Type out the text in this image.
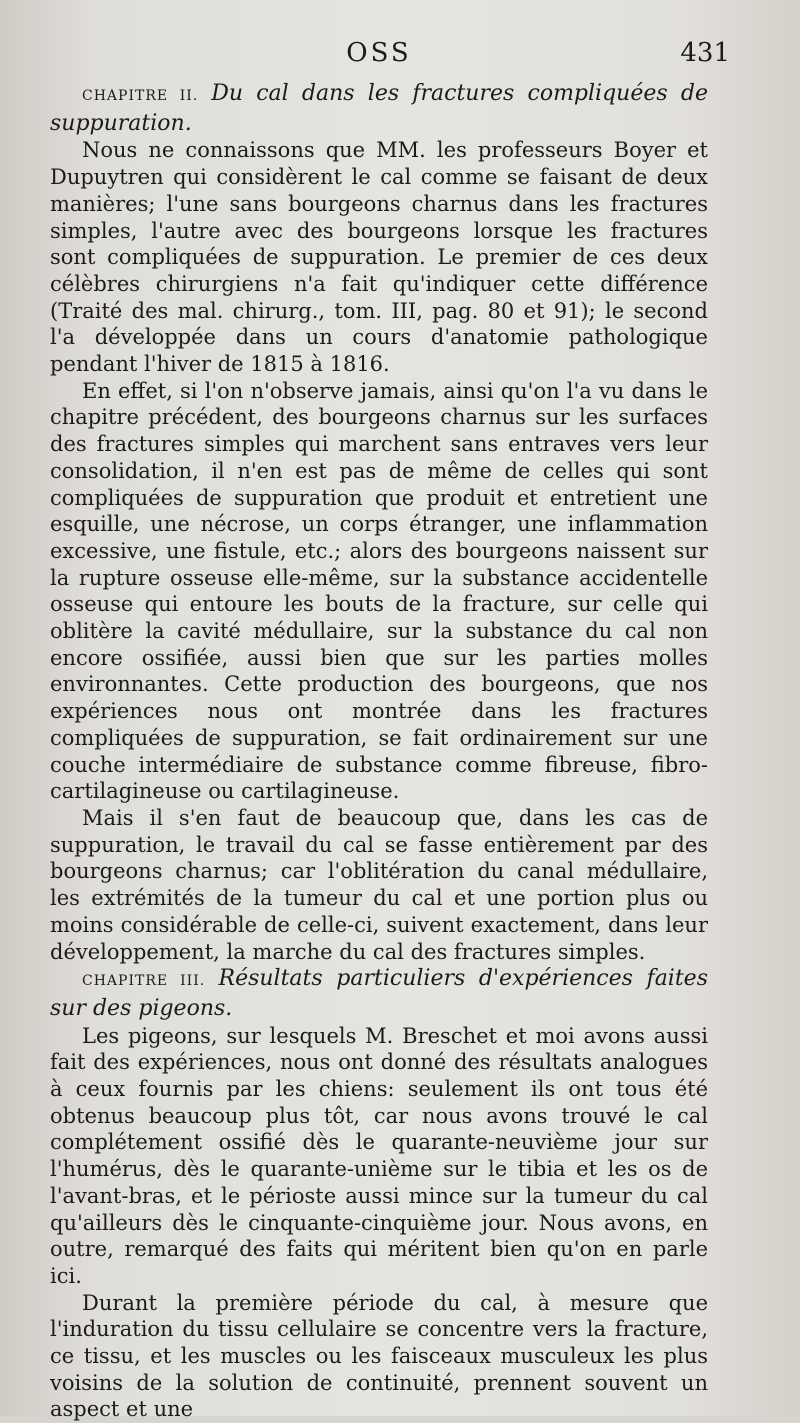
OSS	431

CHAPITRE II. Du cal dans les fractures compliquées de suppuration.

Nous ne connaissons que MM. les professeurs Boyer et Dupuytren qui considèrent le cal comme se faisant de deux manières; l'une sans bourgeons charnus dans les fractures simples, l'autre avec des bourgeons lorsque les fractures sont compliquées de suppuration. Le premier de ces deux célèbres chirurgiens n'a fait qu'indiquer cette différence (Traité des mal. chirurg., tom. III, pag. 80 et 91); le second l'a développée dans un cours d'anatomie pathologique pendant l'hiver de 1815 à 1816.

En effet, si l'on n'observe jamais, ainsi qu'on l'a vu dans le chapitre précédent, des bourgeons charnus sur les surfaces des fractures simples qui marchent sans entraves vers leur consolidation, il n'en est pas de même de celles qui sont compliquées de suppuration que produit et entretient une esquille, une nécrose, un corps étranger, une inflammation excessive, une fistule, etc.; alors des bourgeons naissent sur la rupture osseuse elle-même, sur la substance accidentelle osseuse qui entoure les bouts de la fracture, sur celle qui oblitère la cavité médullaire, sur la substance du cal non encore ossifiée, aussi bien que sur les parties molles environnantes. Cette production des bourgeons, que nos expériences nous ont montrée dans les fractures compliquées de suppuration, se fait ordinairement sur une couche intermédiaire de substance comme fibreuse, fibro-cartilagineuse ou cartilagineuse.

Mais il s'en faut de beaucoup que, dans les cas de suppuration, le travail du cal se fasse entièrement par des bourgeons charnus; car l'oblitération du canal médullaire, les extrémités de la tumeur du cal et une portion plus ou moins considérable de celle-ci, suivent exactement, dans leur développement, la marche du cal des fractures simples.

CHAPITRE III. Résultats particuliers d'expériences faites sur des pigeons.

Les pigeons, sur lesquels M. Breschet et moi avons aussi fait des expériences, nous ont donné des résultats analogues à ceux fournis par les chiens: seulement ils ont tous été obtenus beaucoup plus tôt, car nous avons trouvé le cal complétement ossifié dès le quarante-neuvième jour sur l'humérus, dès le quarante-unième sur le tibia et les os de l'avant-bras, et le périoste aussi mince sur la tumeur du cal qu'ailleurs dès le cinquante-cinquième jour. Nous avons, en outre, remarqué des faits qui méritent bien qu'on en parle ici.

Durant la première période du cal, à mesure que l'induration du tissu cellulaire se concentre vers la fracture, ce tissu, et les muscles ou les faisceaux musculeux les plus voisins de la solution de continuité, prennent souvent un aspect et une
